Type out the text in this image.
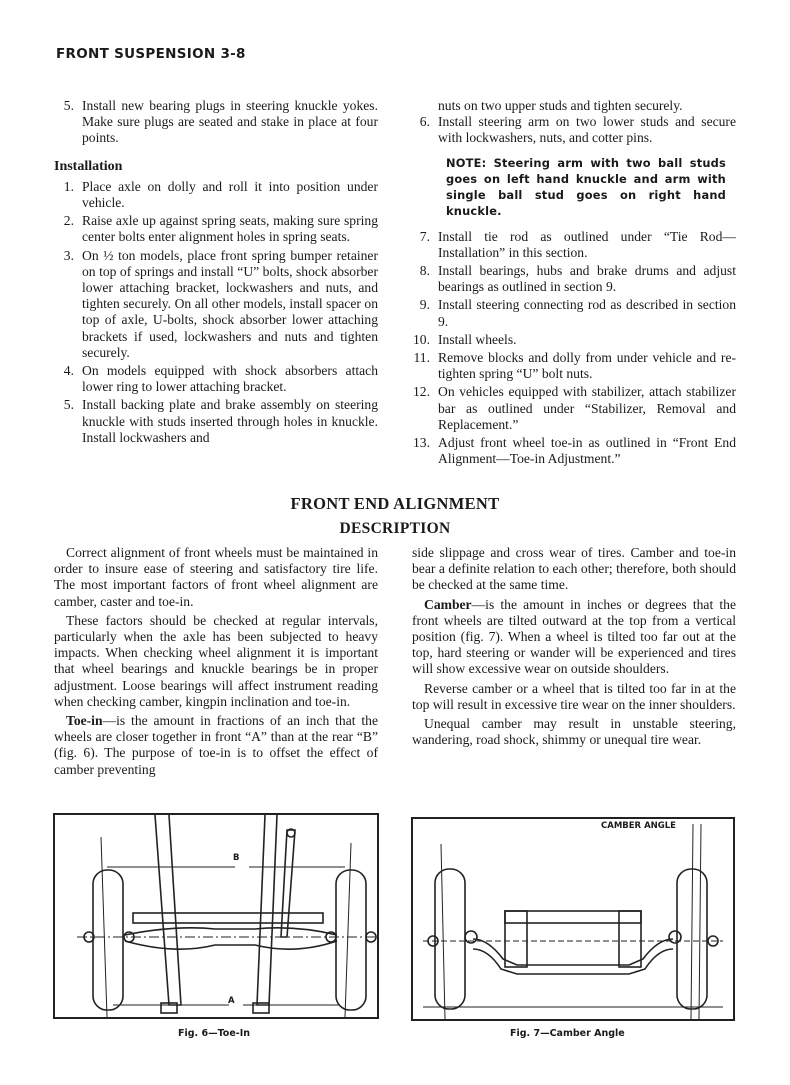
FRONT SUSPENSION 3-8
5. Install new bearing plugs in steering knuckle yokes. Make sure plugs are seated and stake in place at four points.
Installation
1. Place axle on dolly and roll it into position under vehicle.
2. Raise axle up against spring seats, making sure spring center bolts enter alignment holes in spring seats.
3. On ½ ton models, place front spring bumper retainer on top of springs and install “U” bolts, shock absorber lower attaching bracket, lockwashers and nuts, and tighten securely. On all other models, install spacer on top of axle, U-bolts, shock absorber lower attaching brackets if used, lockwashers and nuts and tighten securely.
4. On models equipped with shock absorbers attach lower ring to lower attaching bracket.
5. Install backing plate and brake assembly on steering knuckle with studs inserted through holes in knuckle. Install lockwashers and
nuts on two upper studs and tighten securely.
6. Install steering arm on two lower studs and secure with lockwashers, nuts, and cotter pins.
NOTE: Steering arm with two ball studs goes on left hand knuckle and arm with single ball stud goes on right hand knuckle.
7. Install tie rod as outlined under “Tie Rod—Installation” in this section.
8. Install bearings, hubs and brake drums and adjust bearings as outlined in section 9.
9. Install steering connecting rod as described in section 9.
10. Install wheels.
11. Remove blocks and dolly from under vehicle and re-tighten spring “U” bolt nuts.
12. On vehicles equipped with stabilizer, attach stabilizer bar as outlined under “Stabilizer, Removal and Replacement.”
13. Adjust front wheel toe-in as outlined in “Front End Alignment—Toe-in Adjustment.”
FRONT END ALIGNMENT
DESCRIPTION

Correct alignment of front wheels must be maintained in order to insure ease of steering and satisfactory tire life. The most important factors of front wheel alignment are camber, caster and toe-in.

These factors should be checked at regular intervals, particularly when the axle has been subjected to heavy impacts. When checking wheel alignment it is important that wheel bearings and knuckle bearings be in proper adjustment. Loose bearings will affect instrument reading when checking camber, kingpin inclination and toe-in.

Toe-in—is the amount in fractions of an inch that the wheels are closer together in front “A” than at the rear “B” (fig. 6). The purpose of toe-in is to offset the effect of camber preventing

side slippage and cross wear of tires. Camber and toe-in bear a definite relation to each other; therefore, both should be checked at the same time.

Camber—is the amount in inches or degrees that the front wheels are tilted outward at the top from a vertical position (fig. 7). When a wheel is tilted too far out at the top, hard steering or wander will be experienced and tires will show excessive wear on outside shoulders.

Reverse camber or a wheel that is tilted too far in at the top will result in excessive tire wear on the inner shoulders.

Unequal camber may result in unstable steering, wandering, road shock, shimmy or unequal tire wear.

B
A
Fig. 6—Toe-In
CAMBER ANGLE
Fig. 7—Camber Angle
